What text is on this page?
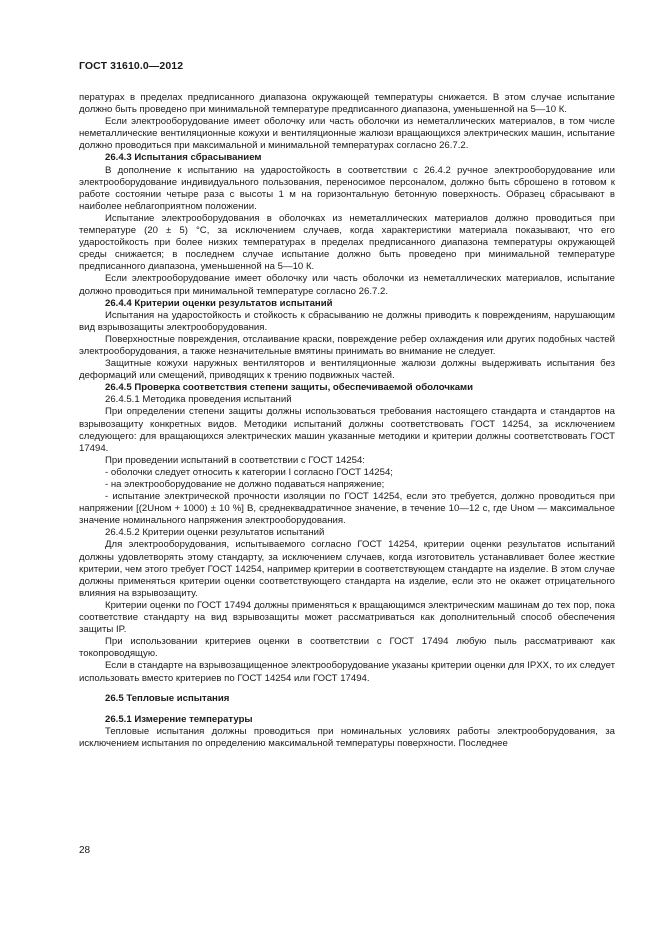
ГОСТ 31610.0—2012

пературах в пределах предписанного диапазона окружающей температуры снижается. В этом случае испытание должно быть проведено при минимальной температуре предписанного диапазона, уменьшенной на 5—10 К.

Если электрооборудование имеет оболочку или часть оболочки из неметаллических материалов, в том числе неметаллические вентиляционные кожухи и вентиляционные жалюзи вращающихся электрических машин, испытание должно проводиться при максимальной и минимальной температурах согласно 26.7.2.

26.4.3 Испытания сбрасыванием

В дополнение к испытанию на ударостойкость в соответствии с 26.4.2 ручное электрооборудование или электрооборудование индивидуального пользования, переносимое персоналом, должно быть сброшено в готовом к работе состоянии четыре раза с высоты 1 м на горизонтальную бетонную поверхность. Образец сбрасывают в наиболее неблагоприятном положении.

Испытание электрооборудования в оболочках из неметаллических материалов должно проводиться при температуре (20 ± 5) °С, за исключением случаев, когда характеристики материала показывают, что его ударостойкость при более низких температурах в пределах предписанного диапазона температуры окружающей среды снижается; в последнем случае испытание должно быть проведено при минимальной температуре предписанного диапазона, уменьшенной на 5—10 К.

Если электрооборудование имеет оболочку или часть оболочки из неметаллических материалов, испытание должно проводиться при минимальной температуре согласно 26.7.2.

26.4.4 Критерии оценки результатов испытаний

Испытания на ударостойкость и стойкость к сбрасыванию не должны приводить к повреждениям, нарушающим вид взрывозащиты электрооборудования.

Поверхностные повреждения, отслаивание краски, повреждение ребер охлаждения или других подобных частей электрооборудования, а также незначительные вмятины принимать во внимание не следует.

Защитные кожухи наружных вентиляторов и вентиляционные жалюзи должны выдерживать испытания без деформаций или смещений, приводящих к трению подвижных частей.

26.4.5 Проверка соответствия степени защиты, обеспечиваемой оболочками

26.4.5.1 Методика проведения испытаний

При определении степени защиты должны использоваться требования настоящего стандарта и стандартов на взрывозащиту конкретных видов. Методики испытаний должны соответствовать ГОСТ 14254, за исключением следующего: для вращающихся электрических машин указанные методики и критерии должны соответствовать ГОСТ 17494.

При проведении испытаний в соответствии с ГОСТ 14254:

- оболочки следует относить к категории I согласно ГОСТ 14254;

- на электрооборудование не должно подаваться напряжение;

- испытание электрической прочности изоляции по ГОСТ 14254, если это требуется, должно проводиться при напряжении [(2Uном + 1000) ± 10 %] В, среднеквадратичное значение, в течение 10—12 с, где Uном — максимальное значение номинального напряжения электрооборудования.

26.4.5.2 Критерии оценки результатов испытаний

Для электрооборудования, испытываемого согласно ГОСТ 14254, критерии оценки результатов испытаний должны удовлетворять этому стандарту, за исключением случаев, когда изготовитель устанавливает более жесткие критерии, чем этого требует ГОСТ 14254, например критерии в соответствующем стандарте на изделие. В этом случае должны применяться критерии оценки соответствующего стандарта на изделие, если это не окажет отрицательного влияния на взрывозащиту.

Критерии оценки по ГОСТ 17494 должны применяться к вращающимся электрическим машинам до тех пор, пока соответствие стандарту на вид взрывозащиты может рассматриваться как дополнительный способ обеспечения защиты IP.

При использовании критериев оценки в соответствии с ГОСТ 17494 любую пыль рассматривают как токопроводящую.

Если в стандарте на взрывозащищенное электрооборудование указаны критерии оценки для IPXX, то их следует использовать вместо критериев по ГОСТ 14254 или ГОСТ 17494.

26.5 Тепловые испытания

26.5.1 Измерение температуры

Тепловые испытания должны проводиться при номинальных условиях работы электрооборудования, за исключением испытания по определению максимальной температуры поверхности. Последнее

28
